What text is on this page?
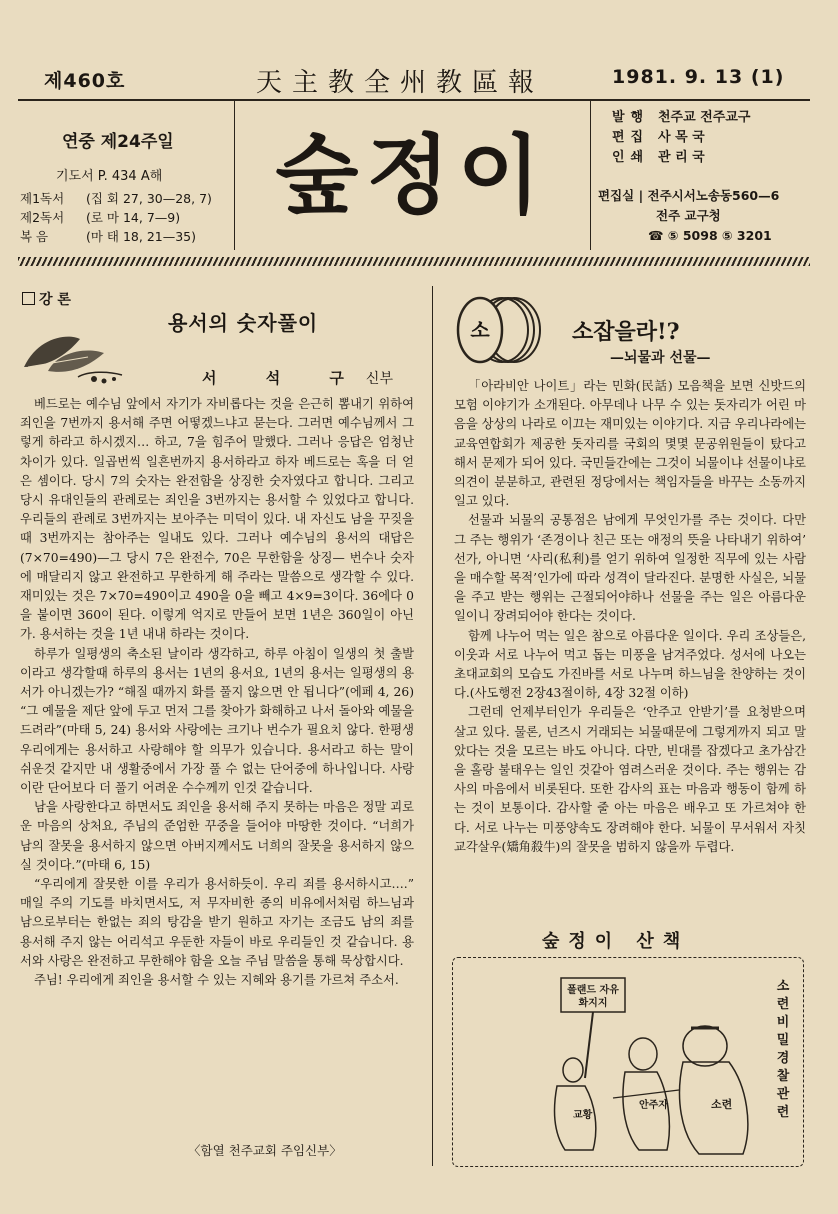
제460호	天主教全州教區報	1981. 9. 13 (1)
연중 제24주일
기도서 P. 434 A해
제1독서 (집 회 27, 30—28, 7)
제2독서 (로 마 14, 7—9)
복 음	(마 태 18, 21—35)
숲정이
발행 천주교 전주교구
편집 사 목 국
인쇄 관 리 국
편집실 | 전주시서노송동560—6
전주 교구청
☎ ⑤ 5098 ⑤ 3201
강 론
용서의 숫자풀이
서 석 구신부

베드로는 예수님 앞에서 자기가 자비롭다는 것을 은근히 뽐내기 위하여 죄인을 7번까지 용서해 주면 어떻겠느냐고 묻는다. 그러면 예수님께서 그렇게 하라고 하시겠지… 하고, 7을 힘주어 말했다. 그러나 응답은 엄청난 차이가 있다. 일곱번씩 일흔번까지 용서하라고 하자 베드로는 혹을 더 얻은 셈이다. 당시 7의 숫자는 완전함을 상징한 숫자였다고 합니다. 그리고 당시 유대인들의 관례로는 죄인을 3번까지는 용서할 수 있었다고 합니다. 우리들의 관례로 3번까지는 보아주는 미덕이 있다. 내 자신도 남을 꾸짖을때 3번까지는 참아주는 일내도 있다. 그러나 예수님의 용서의 대답은(7×70=490)—그 당시 7은 완전수, 70은 무한함을 상징— 번수나 숫자에 매달리지 않고 완전하고 무한하게 해 주라는 말씀으로 생각할 수 있다. 재미있는 것은 7×70=490이고 490을 0을 빼고 4×9=3이다. 36에다 0을 붙이면 360이 된다. 이렇게 억지로 만들어 보면 1년은 360일이 아닌가. 용서하는 것을 1년 내내 하라는 것이다.

하루가 일평생의 축소된 날이라 생각하고, 하루 아침이 일생의 첫 출발이라고 생각할때 하루의 용서는 1년의 용서요, 1년의 용서는 일평생의 용서가 아니겠는가? “해질 때까지 화를 풀지 않으면 안 됩니다”(에페 4, 26) “그 예물을 제단 앞에 두고 먼저 그를 찾아가 화해하고 나서 돌아와 예물을 드려라”(마태 5, 24) 용서와 사랑에는 크기나 번수가 필요치 않다. 한평생 우리에게는 용서하고 사랑해야 할 의무가 있습니다. 용서라고 하는 말이 쉬운것 같지만 내 생활중에서 가장 풀 수 없는 단어중에 하나입니다. 사랑이란 단어보다 더 풀기 어려운 수수께끼 인것 같습니다.

남을 사랑한다고 하면서도 죄인을 용서해 주지 못하는 마음은 정말 괴로운 마음의 상처요, 주님의 준엄한 꾸중을 들어야 마땅한 것이다. “너희가 남의 잘못을 용서하지 않으면 아버지께서도 너희의 잘못을 용서하지 않으실 것이다.”(마태 6, 15)

“우리에게 잘못한 이를 우리가 용서하듯이. 우리 죄를 용서하시고….” 매일 주의 기도를 바치면서도, 저 무자비한 종의 비유에서처럼 하느님과 남으로부터는 한없는 죄의 탕감을 받기 원하고 자기는 조금도 남의 죄를 용서해 주지 않는 어리석고 우둔한 자들이 바로 우리들인 것 같습니다. 용서와 사랑은 완전하고 무한해야 함을 오늘 주님 말씀을 통해 묵상합시다.

주님! 우리에게 죄인을 용서할 수 있는 지혜와 용기를 가르쳐 주소서.

〈함열 천주교회 주임신부〉
소	소잡을라!?
—뇌물과 선물—

「아라비안 나이트」라는 민화(民話) 모음책을 보면 신밧드의 모험 이야기가 소개된다. 아무데나 나무 수 있는 돗자리가 어린 마음을 상상의 나라로 이끄는 재미있는 이야기다. 지금 우리나라에는 교육연합회가 제공한 돗자리를 국회의 몇몇 문공위원들이 탔다고 해서 문제가 되어 있다. 국민들간에는 그것이 뇌물이냐 선물이냐로 의견이 분분하고, 관련된 정당에서는 책임자들을 바꾸는 소동까지 일고 있다.

선물과 뇌물의 공통점은 남에게 무엇인가를 주는 것이다. 다만 그 주는 행위가 ‘존경이나 친근 또는 애정의 뜻을 나타내기 위하여’ 선가, 아니면 ‘사리(私利)를 얻기 위하여 일정한 직무에 있는 사람을 매수할 목적’인가에 따라 성격이 달라진다. 분명한 사실은, 뇌물을 주고 받는 행위는 근절되어야하나 선물을 주는 일은 아름다운 일이니 장려되어야 한다는 것이다.

함께 나누어 먹는 일은 참으로 아름다운 일이다. 우리 조상들은, 이웃과 서로 나누어 먹고 돕는 미풍을 남겨주었다. 성서에 나오는 초대교회의 모습도 가진바를 서로 나누며 하느님을 찬양하는 것이다.(사도행전 2장43절이하, 4장 32절 이하)

그런데 언제부터인가 우리들은 ‘안주고 안받기’를 요청받으며 살고 있다. 물론, 넌즈시 거래되는 뇌물때문에 그렇게까지 되고 말았다는 것을 모르는 바도 아니다. 다만, 빈대를 잡겠다고 초가삼간을 홀랑 불태우는 일인 것같아 염려스러운 것이다. 주는 행위는 감사의 마음에서 비롯된다. 또한 감사의 표는 마음과 행동이 함께 하는 것이 보통이다. 감사할 줄 아는 마음은 배우고 또 가르쳐야 한다. 서로 나누는 미풍양속도 장려해야 한다. 뇌물이 무서워서 자칫 교각살우(矯角殺牛)의 잘못을 범하지 않을까 두렵다.

숲정이 산책
교황
안주자	소련
폴랜드 자유화지지
소련 비밀경찰 관련
